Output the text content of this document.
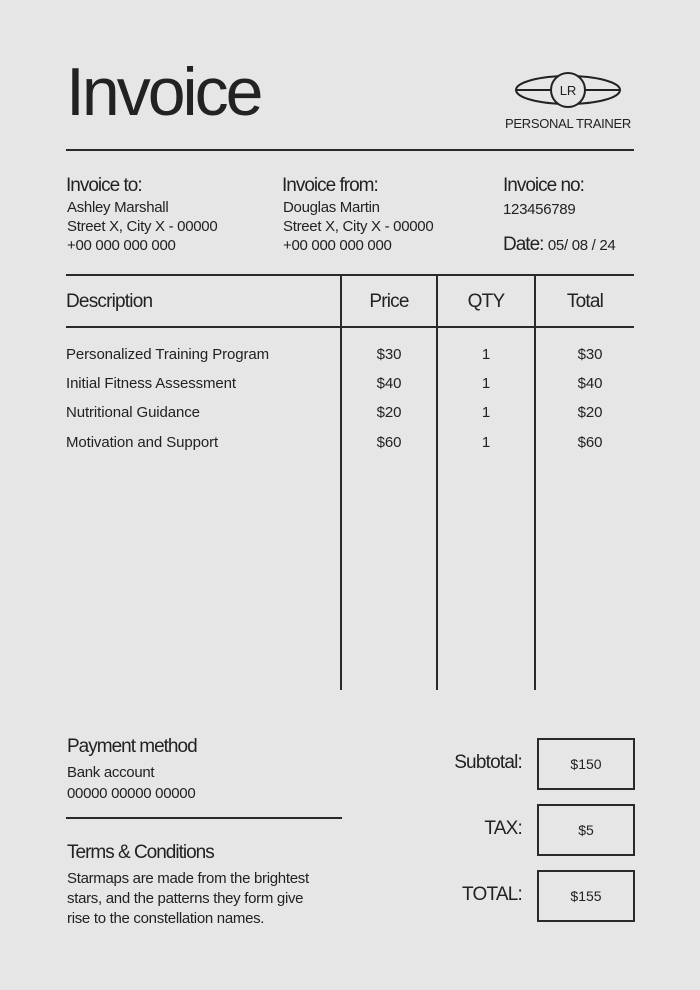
Invoice	LR
PERSONAL TRAINER
Invoice to:
Ashley Marshall
Street X, City X - 00000
+00 000 000 000
Invoice from:
Douglas Martin
Street X, City X - 00000
+00 000 000 000
Invoice no:
123456789
Date: 05/ 08 / 24
Description	Price	QTY	Total
Personalized Training Program	$30	1	$30
Initial Fitness Assessment	$40	1	$40
Nutritional Guidance	$20	1	$20
Motivation and Support	$60	1	$60
Payment method
Bank account
00000 00000 00000
Terms & Conditions
Starmaps are made from the brightest
stars, and the patterns they form give
rise to the constellation names.
Subtotal:	$150
TAX:	$5
TOTAL:	$155
